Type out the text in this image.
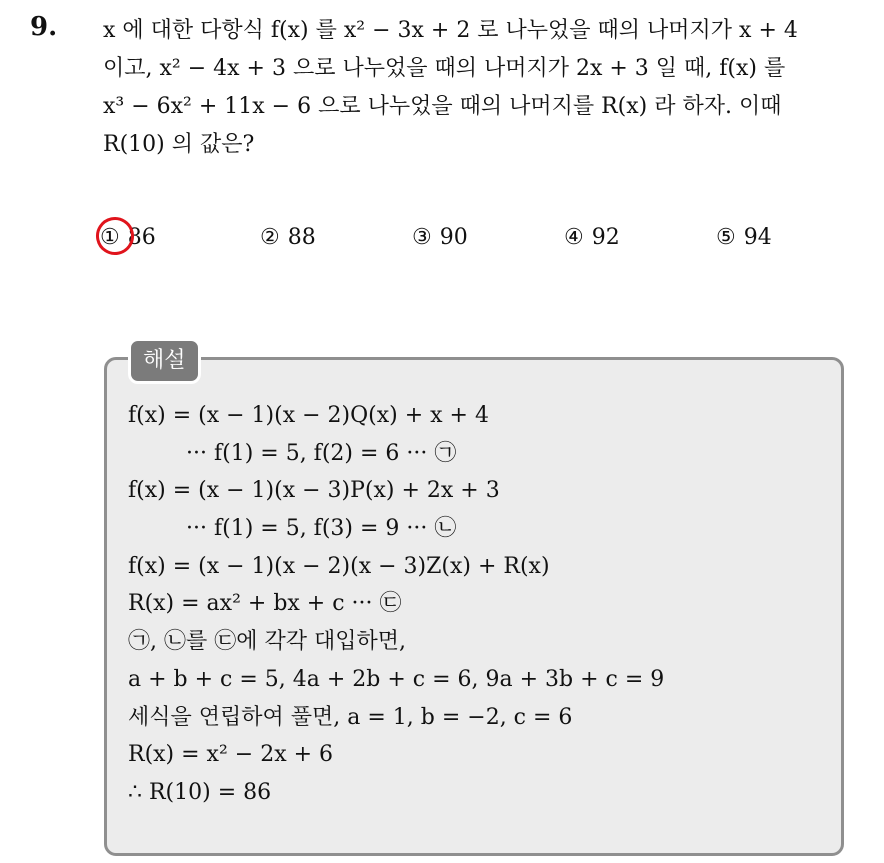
9. x 에 대한 다항식 f(x) 를 x² − 3x + 2 로 나누었을 때의 나머지가 x + 4
이고, x² − 4x + 3 으로 나누었을 때의 나머지가 2x + 3 일 때, f(x) 를
x³ − 6x² + 11x − 6 으로 나누었을 때의 나머지를 R(x) 라 하자. 이때
R(10) 의 값은?
① 86	② 88	③ 90	④ 92	⑤ 94
해설
f(x) = (x − 1)(x − 2)Q(x) + x + 4
··· f(1) = 5, f(2) = 6 ··· ㉠
f(x) = (x − 1)(x − 3)P(x) + 2x + 3
··· f(1) = 5, f(3) = 9 ··· ㉡
f(x) = (x − 1)(x − 2)(x − 3)Z(x) + R(x)
R(x) = ax² + bx + c ··· ㉢
㉠, ㉡를 ㉢에 각각 대입하면,
a + b + c = 5, 4a + 2b + c = 6, 9a + 3b + c = 9
세식을 연립하여 풀면, a = 1, b = −2, c = 6
R(x) = x² − 2x + 6
∴ R(10) = 86
